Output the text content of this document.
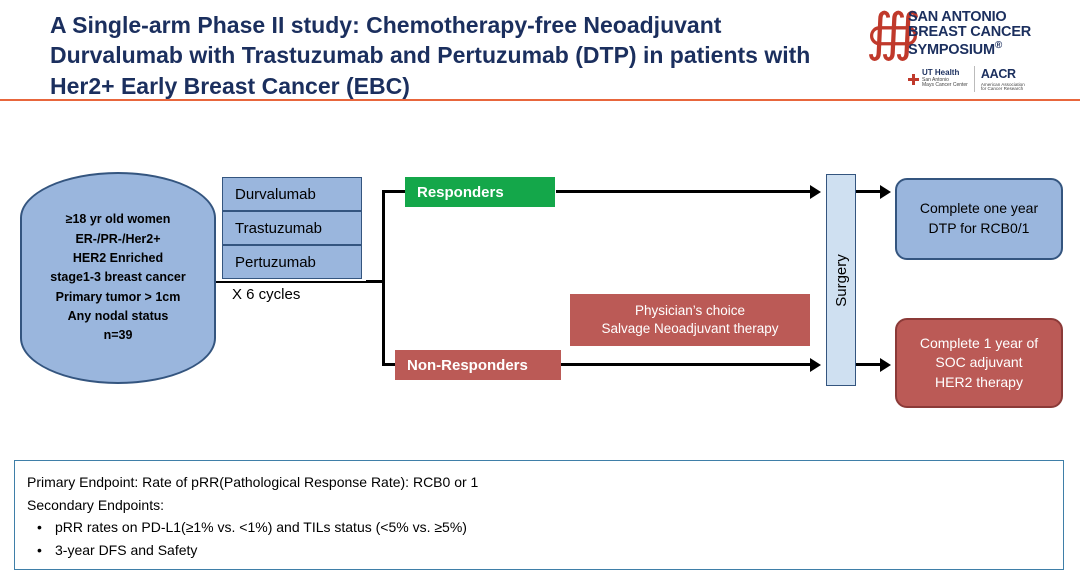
A Single-arm Phase II study: Chemotherapy-free Neoadjuvant Durvalumab with Trastuzumab and Pertuzumab (DTP) in patients with Her2+ Early Breast Cancer (EBC)
∰
SAN ANTONIO
BREAST CANCER
SYMPOSIUM®
UT Health
San Antonio
Mays Cancer Center
AACR
American Association
for Cancer Research
≥18 yr old women
ER-/PR-/Her2+
HER2 Enriched
stage1-3 breast cancer
Primary tumor > 1cm
Any nodal status
n=39
Durvalumab
Trastuzumab
Pertuzumab
X 6 cycles
Responders
Non-Responders
Physician’s choice
Salvage Neoadjuvant therapy
Surgery
Complete one year
DTP for RCB0/1
Complete 1 year of
SOC adjuvant
HER2 therapy
Primary Endpoint: Rate of pRR(Pathological Response Rate): RCB0 or 1
Secondary Endpoints:
• pRR rates on PD-L1(≥1% vs. <1%) and TILs status (<5% vs. ≥5%)
• 3-year DFS and Safety
